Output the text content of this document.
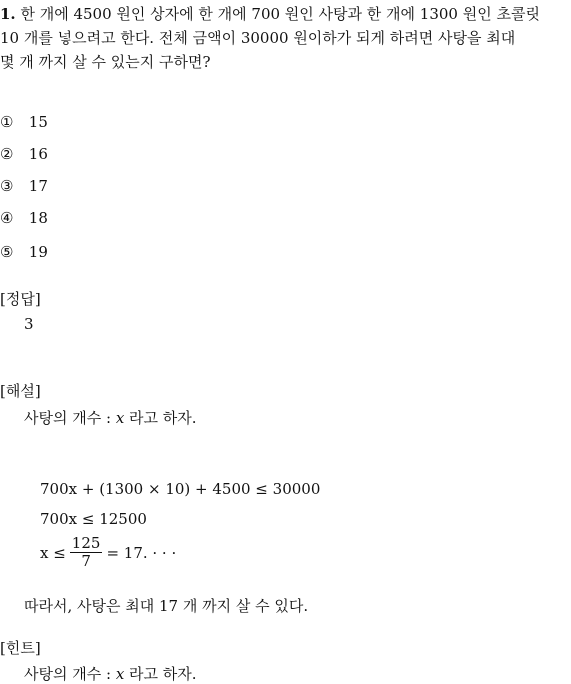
1. 한 개에 4500 원인 상자에 한 개에 700 원인 사탕과 한 개에 1300 원인 초콜릿
10 개를 넣으려고 한다. 전체 금액이 30000 원이하가 되게 하려면 사탕을 최대
몇 개 까지 살 수 있는지 구하면?
① 15
② 16
③ 17
④ 18
⑤ 19
[정답]
3
[해설]
사탕의 개수 : x 라고 하자.
700x + (1300 × 10) + 4500 ≤ 30000
700x ≤ 12500
$x \le \frac{125}{7} = 17$. · · ·
따라서, 사탕은 최대 17 개 까지 살 수 있다.
[힌트]
사탕의 개수 : x 라고 하자.
